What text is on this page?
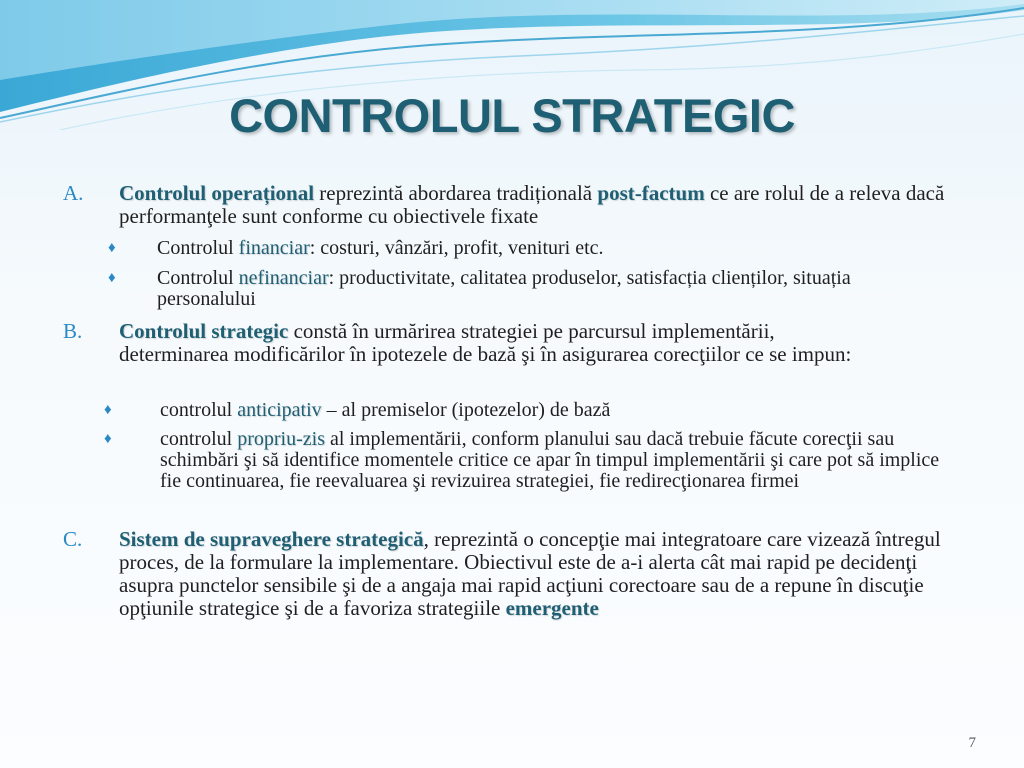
CONTROLUL STRATEGIC
A. Controlul operațional reprezintă abordarea tradițională post-factum ce are rolul de a releva dacă performanţele sunt conforme cu obiectivele fixate
♦ Controlul financiar: costuri, vânzări, profit, venituri etc.
♦ Controlul nefinanciar: productivitate, calitatea produselor, satisfacția clienților, situația personalului
B. Controlul strategic constă în urmărirea strategiei pe parcursul implementării, determinarea modificărilor în ipotezele de bază şi în asigurarea corecţiilor ce se impun:
♦ controlul anticipativ – al premiselor (ipotezelor) de bază
♦ controlul propriu-zis al implementării, conform planului sau dacă trebuie făcute corecţii sau schimbări şi să identifice momentele critice ce apar în timpul implementării şi care pot să implice fie continuarea, fie reevaluarea şi revizuirea strategiei, fie redirecţionarea firmei
C. Sistem de supraveghere strategică, reprezintă o concepţie mai integratoare care vizează întregul proces, de la formulare la implementare. Obiectivul este de a-i alerta cât mai rapid pe decidenţi asupra punctelor sensibile şi de a angaja mai rapid acţiuni corectoare sau de a repune în discuţie opţiunile strategice şi de a favoriza strategiile emergente
7
